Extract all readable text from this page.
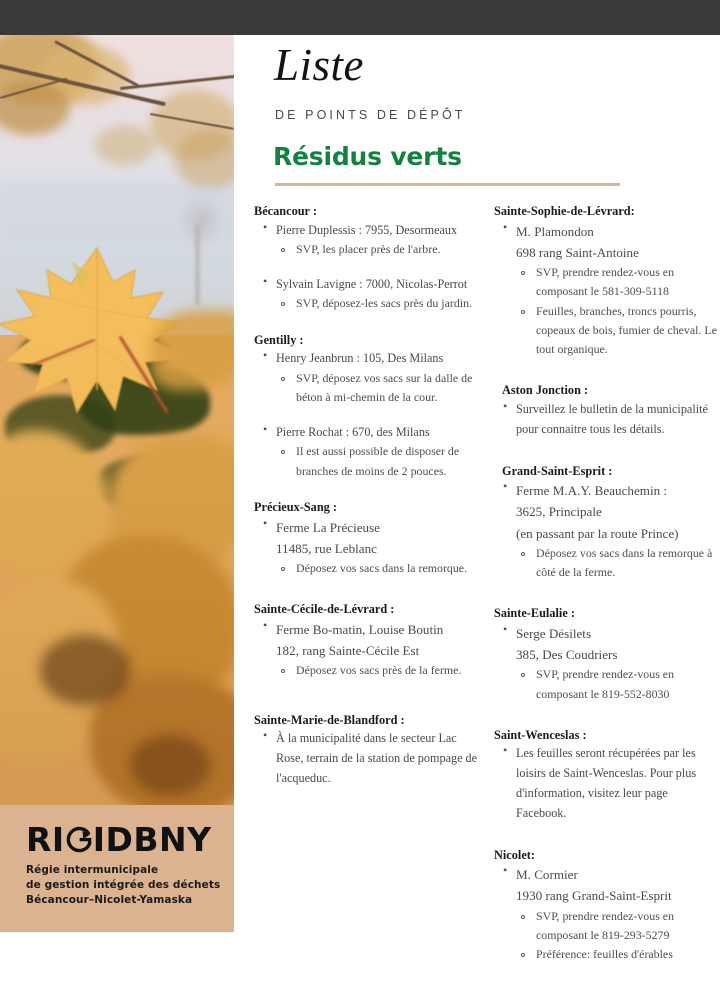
RI IDBNY
Régie intermunicipale
de gestion intégrée des déchets
Bécancour–Nicolet-Yamaska
Liste
DE POINTS DE DÉPÔT
Résidus verts
Bécancour :
• Pierre Duplessis : 7955, Desormeaux
SVP, les placer près de l'arbre.
• Sylvain Lavigne : 7000, Nicolas-Perrot
SVP, déposez-les sacs près du jardin.
Gentilly :
• Henry Jeanbrun : 105, Des Milans
SVP, déposez vos sacs sur la dalle de béton à mi-chemin de la cour.
• Pierre Rochat : 670, des Milans
Il est aussi possible de disposer de branches de moins de 2 pouces.
Précieux-Sang :
• Ferme La Précieuse
11485, rue Leblanc
Déposez vos sacs dans la remorque.
Sainte-Cécile-de-Lévrard :
• Ferme Bo-matin, Louise Boutin
182, rang Sainte-Cécile Est
Déposez vos sacs près de la ferme.
Sainte-Marie-de-Blandford :
• À la municipalité dans le secteur Lac Rose, terrain de la station de pompage de l'acqueduc.
Sainte-Sophie-de-Lévrard:
• M. Plamondon
698 rang Saint-Antoine
SVP, prendre rendez-vous en composant le 581-309-5118
Feuilles, branches, troncs pourris, copeaux de bois, fumier de cheval. Le tout organique.
Aston Jonction :
• Surveillez le bulletin de la municipalité pour connaitre tous les détails.
Grand-Saint-Esprit :
• Ferme M.A.Y. Beauchemin :
3625, Principale
(en passant par la route Prince)
Déposez vos sacs dans la remorque à côté de la ferme.
Sainte-Eulalie :
• Serge Désilets
385, Des Coudriers
SVP, prendre rendez-vous en composant le 819-552-8030
Saint-Wenceslas :
• Les feuilles seront récupérées par les loisirs de Saint-Wenceslas. Pour plus d'information, visitez leur page Facebook.
Nicolet:
• M. Cormier
1930 rang Grand-Saint-Esprit
SVP, prendre rendez-vous en composant le 819-293-5279
Préférence: feuilles d'érables
